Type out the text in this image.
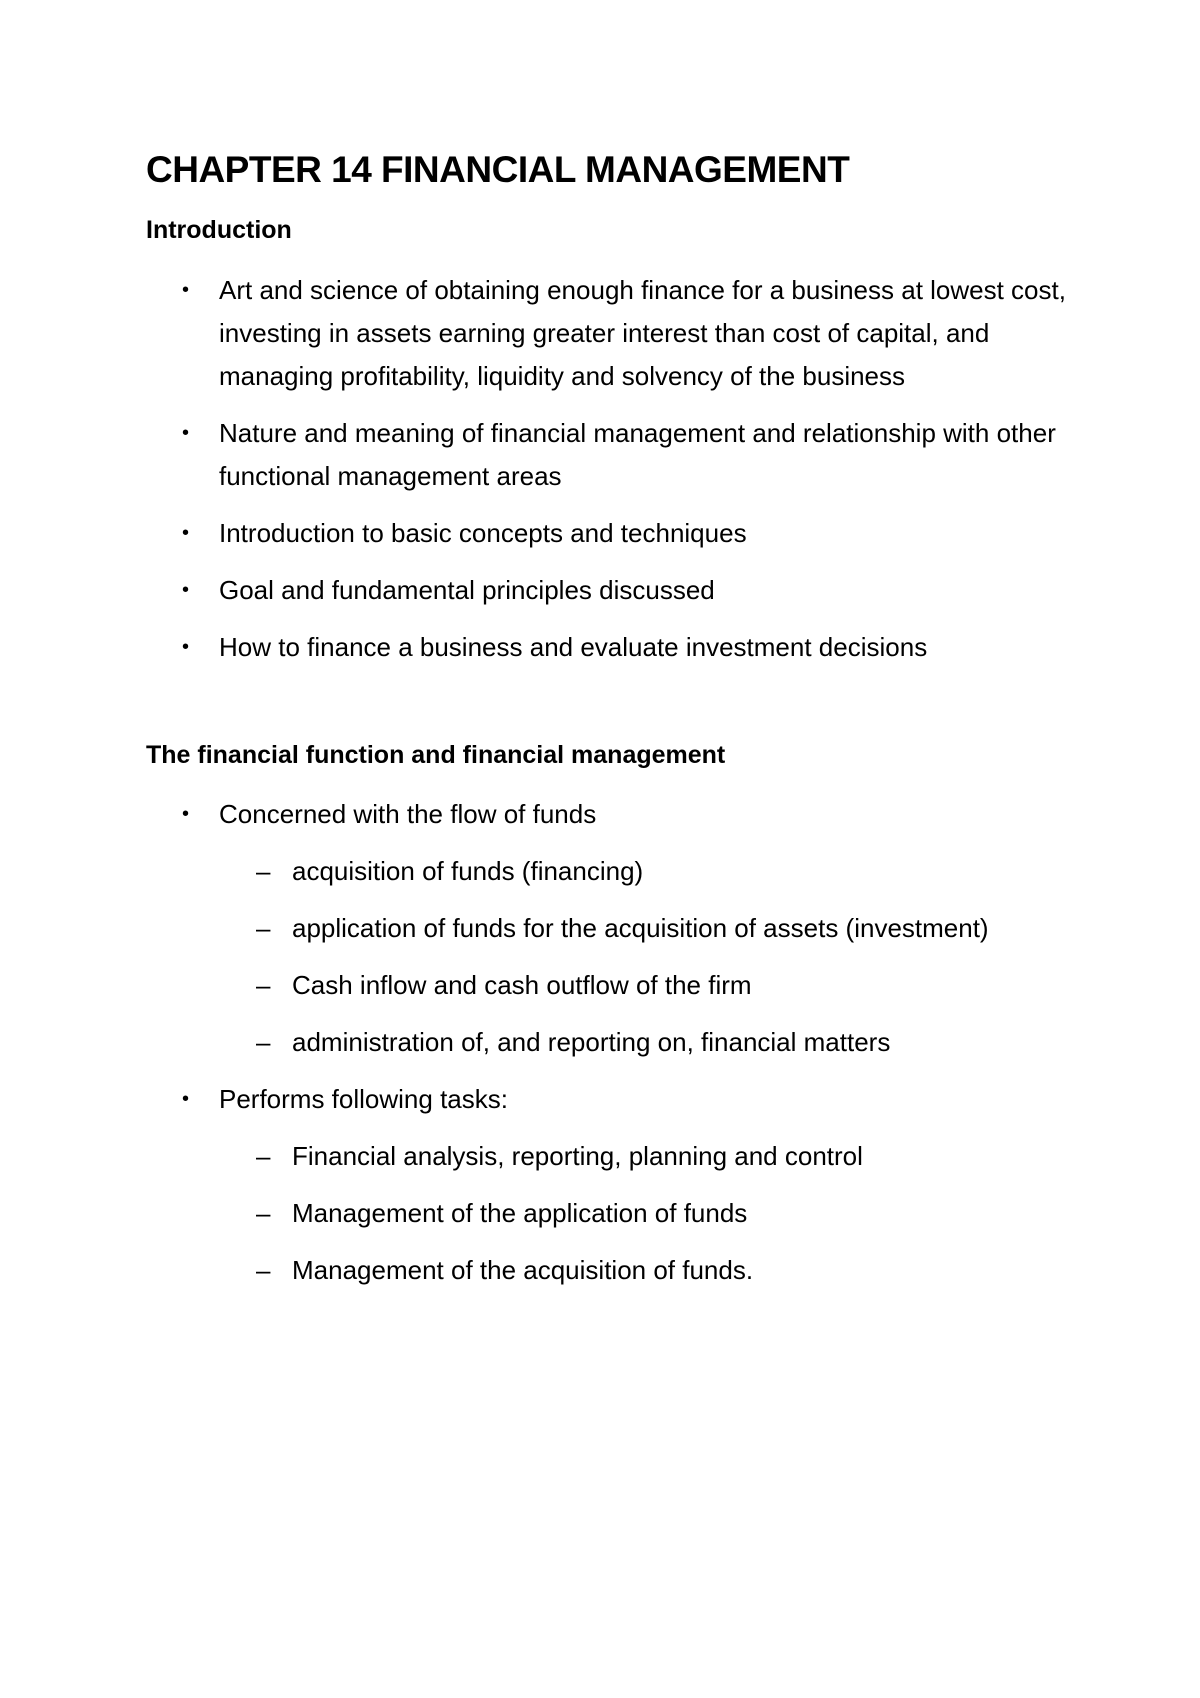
CHAPTER 14 FINANCIAL MANAGEMENT
Introduction
• Art and science of obtaining enough finance for a business at lowest cost, investing in assets earning greater interest than cost of capital, and managing profitability, liquidity and solvency of the business
• Nature and meaning of financial management and relationship with other functional management areas
• Introduction to basic concepts and techniques
• Goal and fundamental principles discussed
• How to finance a business and evaluate investment decisions
The financial function and financial management
• Concerned with the flow of funds
– acquisition of funds (financing)
– application of funds for the acquisition of assets (investment)
– Cash inflow and cash outflow of the firm
– administration of, and reporting on, financial matters
• Performs following tasks:
– Financial analysis, reporting, planning and control
– Management of the application of funds
– Management of the acquisition of funds.
